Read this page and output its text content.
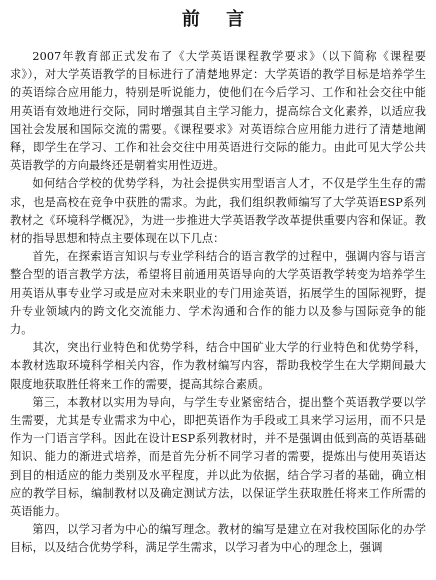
前 言

2007年教育部正式发布了《大学英语课程教学要求》（以下简称《课程要求》），对大学英语教学的目标进行了清楚地界定：大学英语的教学目标是培养学生的英语综合应用能力，特别是听说能力，使他们在今后学习、工作和社会交往中能用英语有效地进行交际，同时增强其自主学习能力，提高综合文化素养，以适应我国社会发展和国际交流的需要。《课程要求》对英语综合应用能力进行了清楚地阐释，即学生在学习、工作和社会交往中用英语进行交际的能力。由此可见大学公共英语教学的方向最终还是朝着实用性迈进。

如何结合学校的优势学科，为社会提供实用型语言人才，不仅是学生生存的需求，也是高校在竞争中获胜的需求。为此，我们组织教师编写了大学英语ESP系列教材之《环境科学概况》，为进一步推进大学英语教学改革提供重要内容和保证。教材的指导思想和特点主要体现在以下几点：

首先，在探索语言知识与专业学科结合的语言教学的过程中，强调内容与语言整合型的语言教学方法，希望将目前通用英语导向的大学英语教学转变为培养学生用英语从事专业学习或是应对未来职业的专门用途英语，拓展学生的国际视野，提升专业领域内的跨文化交流能力、学术沟通和合作的能力以及参与国际竞争的能力。

其次，突出行业特色和优势学科，结合中国矿业大学的行业特色和优势学科，本教材选取环境科学相关内容，作为教材编写内容，帮助我校学生在大学期间最大限度地获取胜任将来工作的需要，提高其综合素质。

第三，本教材以实用为导向，与学生专业紧密结合，提出整个英语教学要以学生需要，尤其是专业需求为中心，即把英语作为手段或工具来学习运用，而不只是作为一门语言学科。因此在设计ESP系列教材时，并不是强调由低到高的英语基础知识、能力的渐进式培养，而是首先分析不同学习者的需要，提炼出与使用英语达到目的相适应的能力类别及水平程度，并以此为依据，结合学习者的基础，确立相应的教学目标，编制教材以及确定测试方法，以保证学生获取胜任将来工作所需的英语能力。

第四，以学习者为中心的编写理念。教材的编写是建立在对我校国际化的办学目标，以及结合优势学科，满足学生需求，以学习者为中心的理念上，强调
